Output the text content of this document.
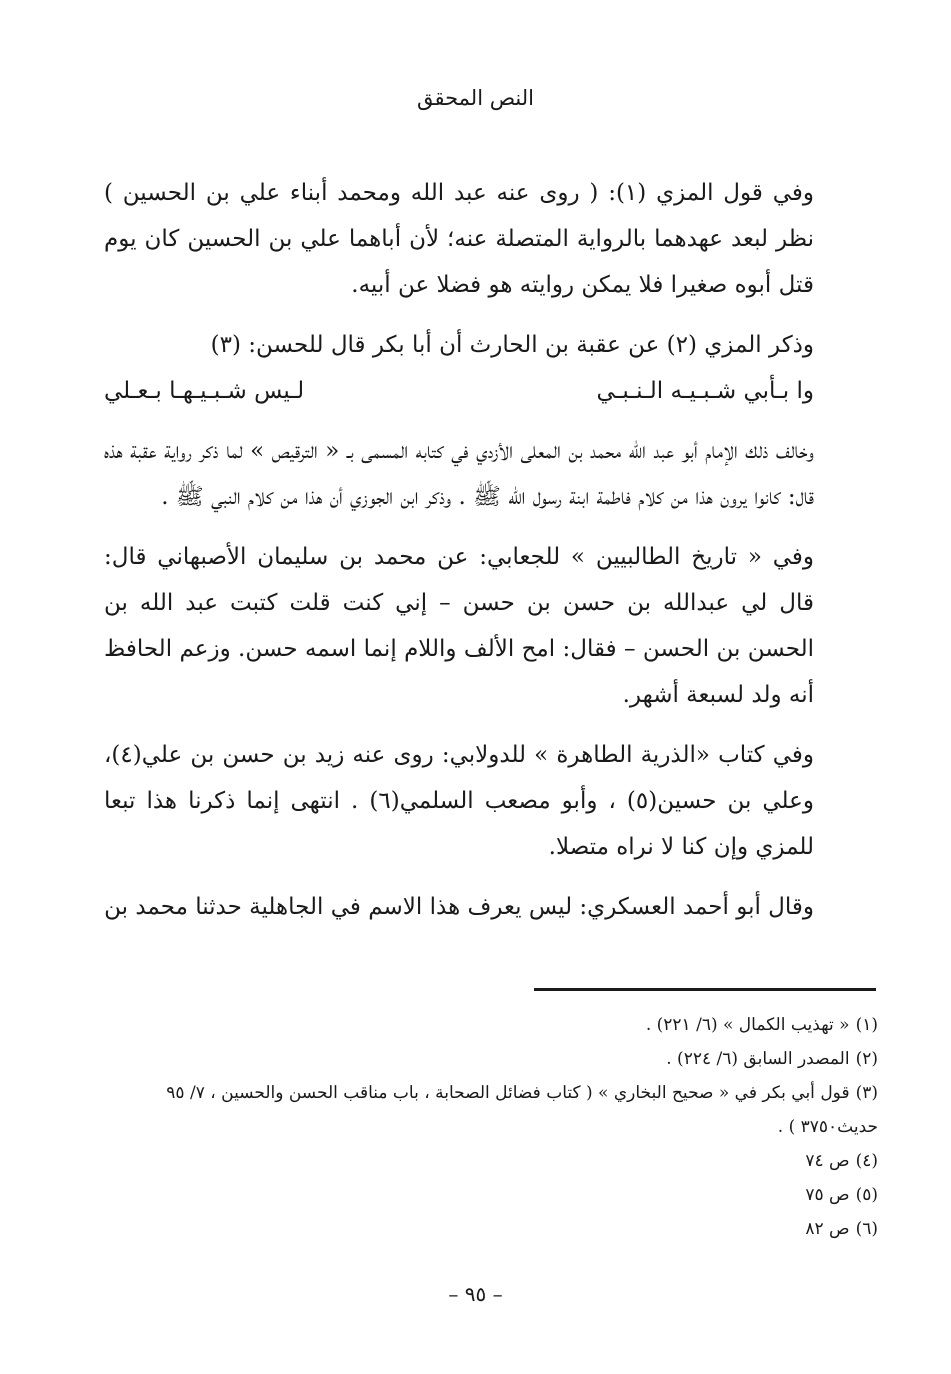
النص المحقق

وفي قول المزي (١): ( روى عنه عبد الله ومحمد أبناء علي بن الحسين ) نظر لبعد عهدهما بالرواية المتصلة عنه؛ لأن أباهما علي بن الحسين كان يوم قتل أبوه صغيرا فلا يمكن روايته هو فضلا عن أبيه.

وذكر المزي (٢) عن عقبة بن الحارث أن أبا بكر قال للحسن: (٣)

وا بـأبي شـبـيـه الـنـبـي
لـيس شـبـيـهـا بـعـلي

وخالف ذلك الإمام أبو عبد الله محمد بن المعلى الأزدي في كتابه المسمى بـ « الترقيص » لما ذكر رواية عقبة هذه قال: كانوا يرون هذا من كلام فاطمة ابنة رسول الله ﷺ . وذكر ابن الجوزي أن هذا من كلام النبي ﷺ .

وفي « تاريخ الطالبيين » للجعابي: عن محمد بن سليمان الأصبهاني قال: قال لي عبدالله بن حسن بن حسن – إني كنت قلت كتبت عبد الله بن الحسن بن الحسن – فقال: امح الألف واللام إنما اسمه حسن. وزعم الحافظ أنه ولد لسبعة أشهر.

وفي كتاب «الذرية الطاهرة » للدولابي: روى عنه زيد بن حسن بن علي(٤)، وعلي بن حسين(٥) ، وأبو مصعب السلمي(٦) . انتهى إنما ذكرنا هذا تبعا للمزي وإن كنا لا نراه متصلا.

وقال أبو أحمد العسكري: ليس يعرف هذا الاسم في الجاهلية حدثنا محمد بن

(١)« تهذيب الكمال » (٦/ ٢٢١) .

(٢)المصدر السابق (٦/ ٢٢٤) .

(٣)قول أبي بكر في « صحيح البخاري » ( كتاب فضائل الصحابة ، باب مناقب الحسن والحسين ، ٧/ ٩٥ حديث٣٧٥٠ ) .

(٤)ص ٧٤

(٥)ص ٧٥

(٦)ص ٨٢

– ٩٥ –
